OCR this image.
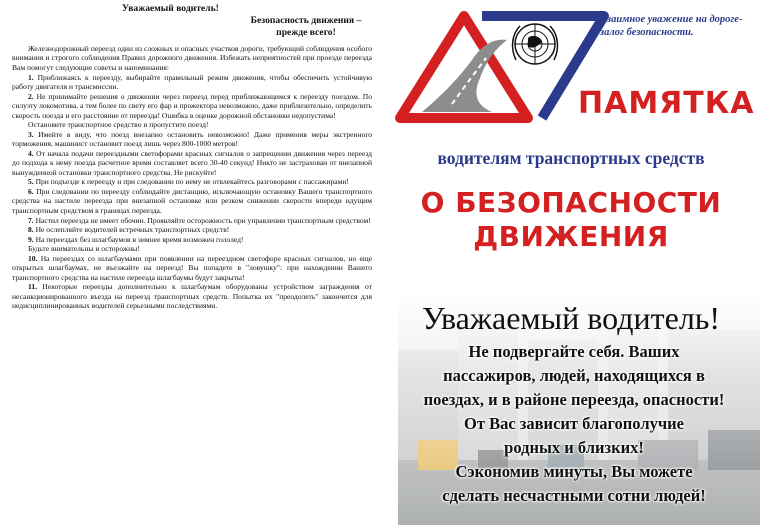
Уважаемый водитель!
Безопасность движения –
прежде всего!

Железнодорожный переезд один из сложных и опасных участков дороги, требующий соблюдения особого внимания и строгого соблюдения Правил дорожного движения. Избежать неприятностей при проезде переезда Вам помогут следующие советы и напоминания:

1. Приближаясь к переезду, выбирайте правильный режим движения, чтобы обеспечить устойчивую работу двигателя и трансмиссии.

2. Не принимайте решения о движении через переезд перед приближающимся к переезду поездом. По силуэту локомотива, а тем более по свету его фар и прожектора невозможно, даже приблизительно, определить скорость поезда и его расстояние от переезда! Ошибка в оценке дорожной обстановки недопустима!

Остановите транспортное средство и пропустите поезд!

3. Имейте в виду, что поезд внезапно остановить невозможно! Даже применив меры экстренного торможения, машинист остановит поезд лишь через 800-1000 метров!

4. От начала подачи переездными светофорами красных сигналов о запрещении движения через переезд до подхода к нему поезда расчетное время составляет всего 30-40 секунд! Никто не застрахован от внезапной вынужденной остановки транспортного средства. Не рискуйте!

5. При подъезде к переезду и при следовании по нему не отвлекайтесь разговорами с пассажирами!

6. При следовании по переезду соблюдайте дистанцию, исключающую остановку Вашего транспортного средства на настиле переезда при внезапной остановке или резком снижении скорости впереди идущим транспортным средством в границах переезда.

7. Настил переезда не имеет обочин. Проявляйте осторожность при управлении транспортным средством!

8. Не ослепляйте водителей встречных транспортных средств!

9. На переездах без шлагбаумов в зимнее время возможен гололед!

Будьте внимательны и осторожны!

10. На переездах со шлагбаумами при появлении на переездном светофоре красных сигналов, но еще открытых шлагбаумах, не въезжайте на переезд! Вы попадете в "ловушку": при нахождении Вашего транспортного средства на настиле переезда шлагбаумы будут закрыты!

11. Некоторые переезды дополнительно к шлагбаумам оборудованы устройством заграждения от несанкционированного въезда на переезд транспортных средств. Попытка их "преодолеть" закончится для недисциплинированных водителей серьезными последствиями.

Взаимное уважение на дороге-
залог безопасности.
ПАМЯТКА
водителям транспортных средств
О БЕЗОПАСНОСТИ
ДВИЖЕНИЯ
Уважаемый водитель!
Не подвергайте себя. Ваших
пассажиров, людей, находящихся в
поездах, и в районе переезда, опасности!
От Вас зависит благополучие
родных и близких!
Сэкономив минуты, Вы можете
сделать несчастными сотни людей!
